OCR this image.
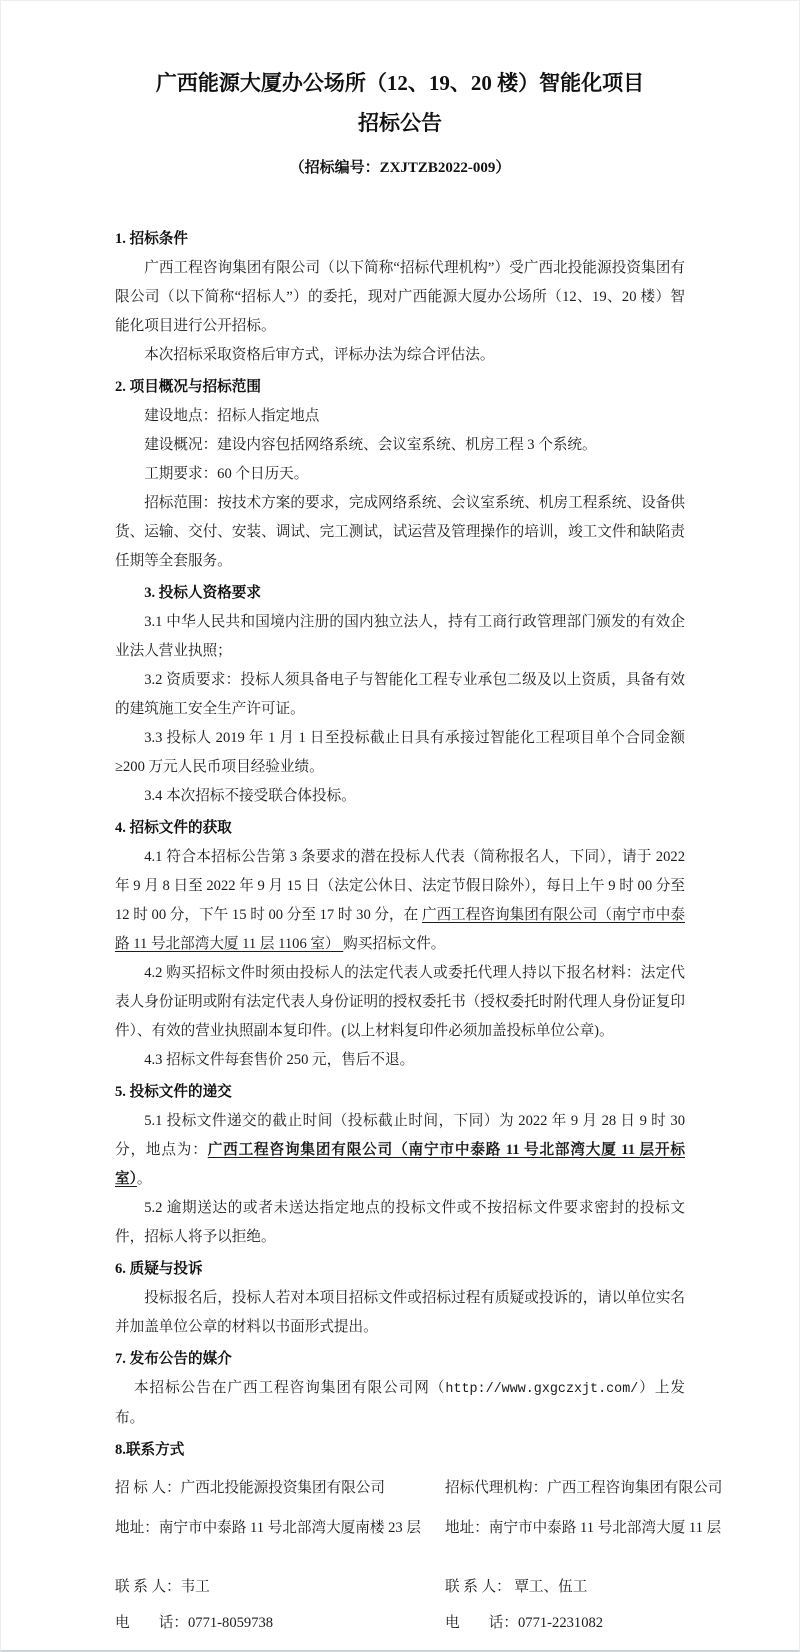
广西能源大厦办公场所（12、19、20 楼）智能化项目
招标公告
（招标编号：ZXJTZB2022-009）
1. 招标条件

广西工程咨询集团有限公司（以下简称“招标代理机构”）受广西北投能源投资集团有限公司（以下简称“招标人”）的委托，现对广西能源大厦办公场所（12、19、20 楼）智能化项目进行公开招标。

本次招标采取资格后审方式，评标办法为综合评估法。

2. 项目概况与招标范围

建设地点：招标人指定地点

建设概况：建设内容包括网络系统、会议室系统、机房工程 3 个系统。

工期要求：60 个日历天。

招标范围：按技术方案的要求，完成网络系统、会议室系统、机房工程系统、设备供货、运输、交付、安装、调试、完工测试，试运营及管理操作的培训，竣工文件和缺陷责任期等全套服务。

3. 投标人资格要求

3.1 中华人民共和国境内注册的国内独立法人，持有工商行政管理部门颁发的有效企业法人营业执照；

3.2 资质要求：投标人须具备电子与智能化工程专业承包二级及以上资质，具备有效的建筑施工安全生产许可证。

3.3 投标人 2019 年 1 月 1 日至投标截止日具有承接过智能化工程项目单个合同金额≥200 万元人民币项目经验业绩。

3.4 本次招标不接受联合体投标。

4. 招标文件的获取

4.1 符合本招标公告第 3 条要求的潜在投标人代表（简称报名人，下同），请于 2022 年 9 月 8 日至 2022 年 9 月 15 日（法定公休日、法定节假日除外），每日上午 9 时 00 分至 12 时 00 分，下午 15 时 00 分至 17 时 30 分，在 广西工程咨询集团有限公司（南宁市中泰路 11 号北部湾大厦 11 层 1106 室） 购买招标文件。

4.2 购买招标文件时须由投标人的法定代表人或委托代理人持以下报名材料：法定代表人身份证明或附有法定代表人身份证明的授权委托书（授权委托时附代理人身份证复印件）、有效的营业执照副本复印件。(以上材料复印件必须加盖投标单位公章)。

4.3 招标文件每套售价 250 元，售后不退。

5. 投标文件的递交

5.1 投标文件递交的截止时间（投标截止时间，下同）为 2022 年 9 月 28 日 9 时 30 分，地点为：广西工程咨询集团有限公司（南宁市中泰路 11 号北部湾大厦 11 层开标室）。

5.2 逾期送达的或者未送达指定地点的投标文件或不按招标文件要求密封的投标文件，招标人将予以拒绝。

6. 质疑与投诉

投标报名后，投标人若对本项目招标文件或招标过程有质疑或投诉的，请以单位实名并加盖单位公章的材料以书面形式提出。

7. 发布公告的媒介

本招标公告在广西工程咨询集团有限公司网（http://www.gxgczxjt.com/）上发布。

8.联系方式
招 标 人：广西北投能源投资集团有限公司	招标代理机构：广西工程咨询集团有限公司
地址：南宁市中泰路 11 号北部湾大厦南楼 23 层	地址：南宁市中泰路 11 号北部湾大厦 11 层
联 系 人：韦工	联 系 人： 覃工、伍工
电　　话：0771-8059738	电　　话：0771-2231082
